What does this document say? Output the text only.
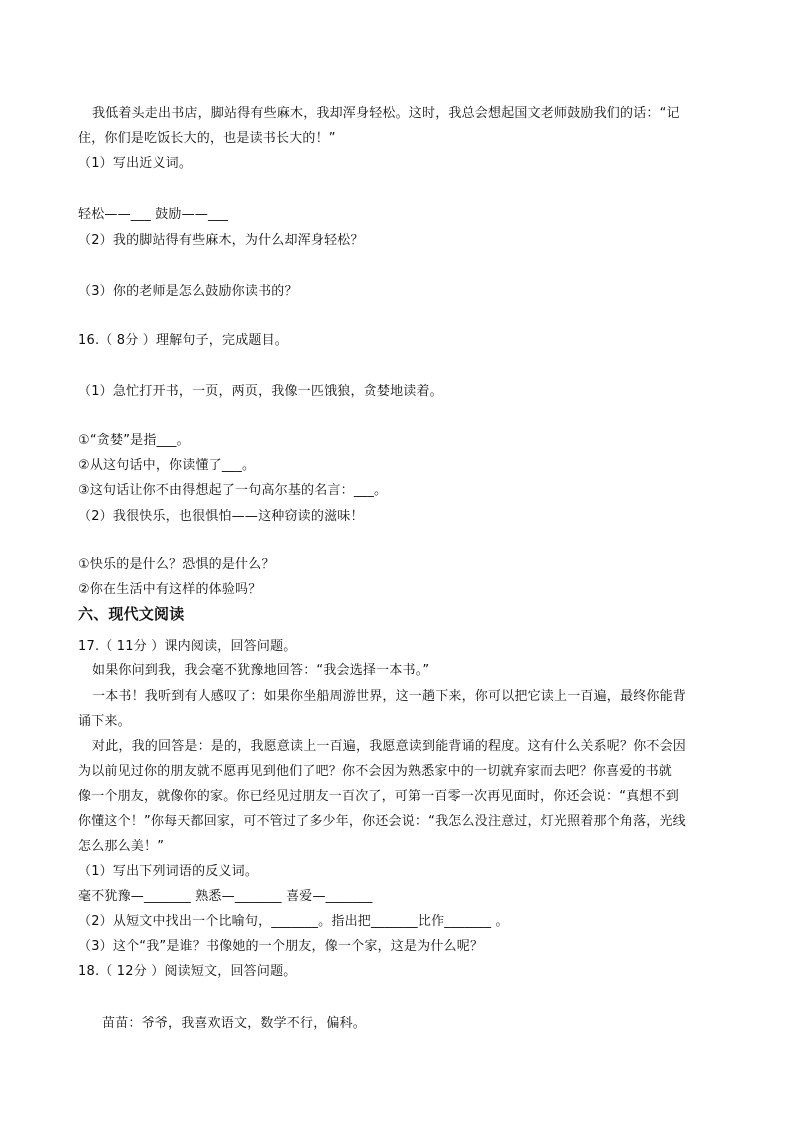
我低着头走出书店，脚站得有些麻木，我却浑身轻松。这时，我总会想起国文老师鼓励我们的话：“记
住，你们是吃饭长大的，也是读书长大的！”
（1）写出近义词。
轻松——___ 鼓励——___
（2）我的脚站得有些麻木，为什么却浑身轻松？
（3）你的老师是怎么鼓励你读书的？
16.（ 8分 ）理解句子，完成题目。
（1）急忙打开书，一页，两页，我像一匹饿狼，贪婪地读着。
①“贪婪”是指___。
②从这句话中，你读懂了___。
③这句话让你不由得想起了一句高尔基的名言：___。
（2）我很快乐，也很惧怕——这种窃读的滋味！
①快乐的是什么？恐惧的是什么？
②你在生活中有这样的体验吗？
六、现代文阅读
17.（ 11分 ）课内阅读，回答问题。
如果你问到我，我会毫不犹豫地回答：“我会选择一本书。”
一本书！我听到有人感叹了：如果你坐船周游世界，这一趟下来，你可以把它读上一百遍，最终你能背
诵下来。
对此，我的回答是：是的，我愿意读上一百遍，我愿意读到能背诵的程度。这有什么关系呢？你不会因
为以前见过你的朋友就不愿再见到他们了吧？你不会因为熟悉家中的一切就弃家而去吧？你喜爱的书就
像一个朋友，就像你的家。你已经见过朋友一百次了，可第一百零一次再见面时，你还会说：“真想不到
你懂这个！”你每天都回家，可不管过了多少年，你还会说：“我怎么没注意过，灯光照着那个角落，光线
怎么那么美！”
（1）写出下列词语的反义词。
毫不犹豫—_______ 熟悉—_______ 喜爱—_______
（2）从短文中找出一个比喻句，_______。指出把_______比作_______ 。
（3）这个“我”是谁？书像她的一个朋友，像一个家，这是为什么呢？
18.（ 12分 ）阅读短文，回答问题。
苗苗：爷爷，我喜欢语文，数学不行，偏科。
